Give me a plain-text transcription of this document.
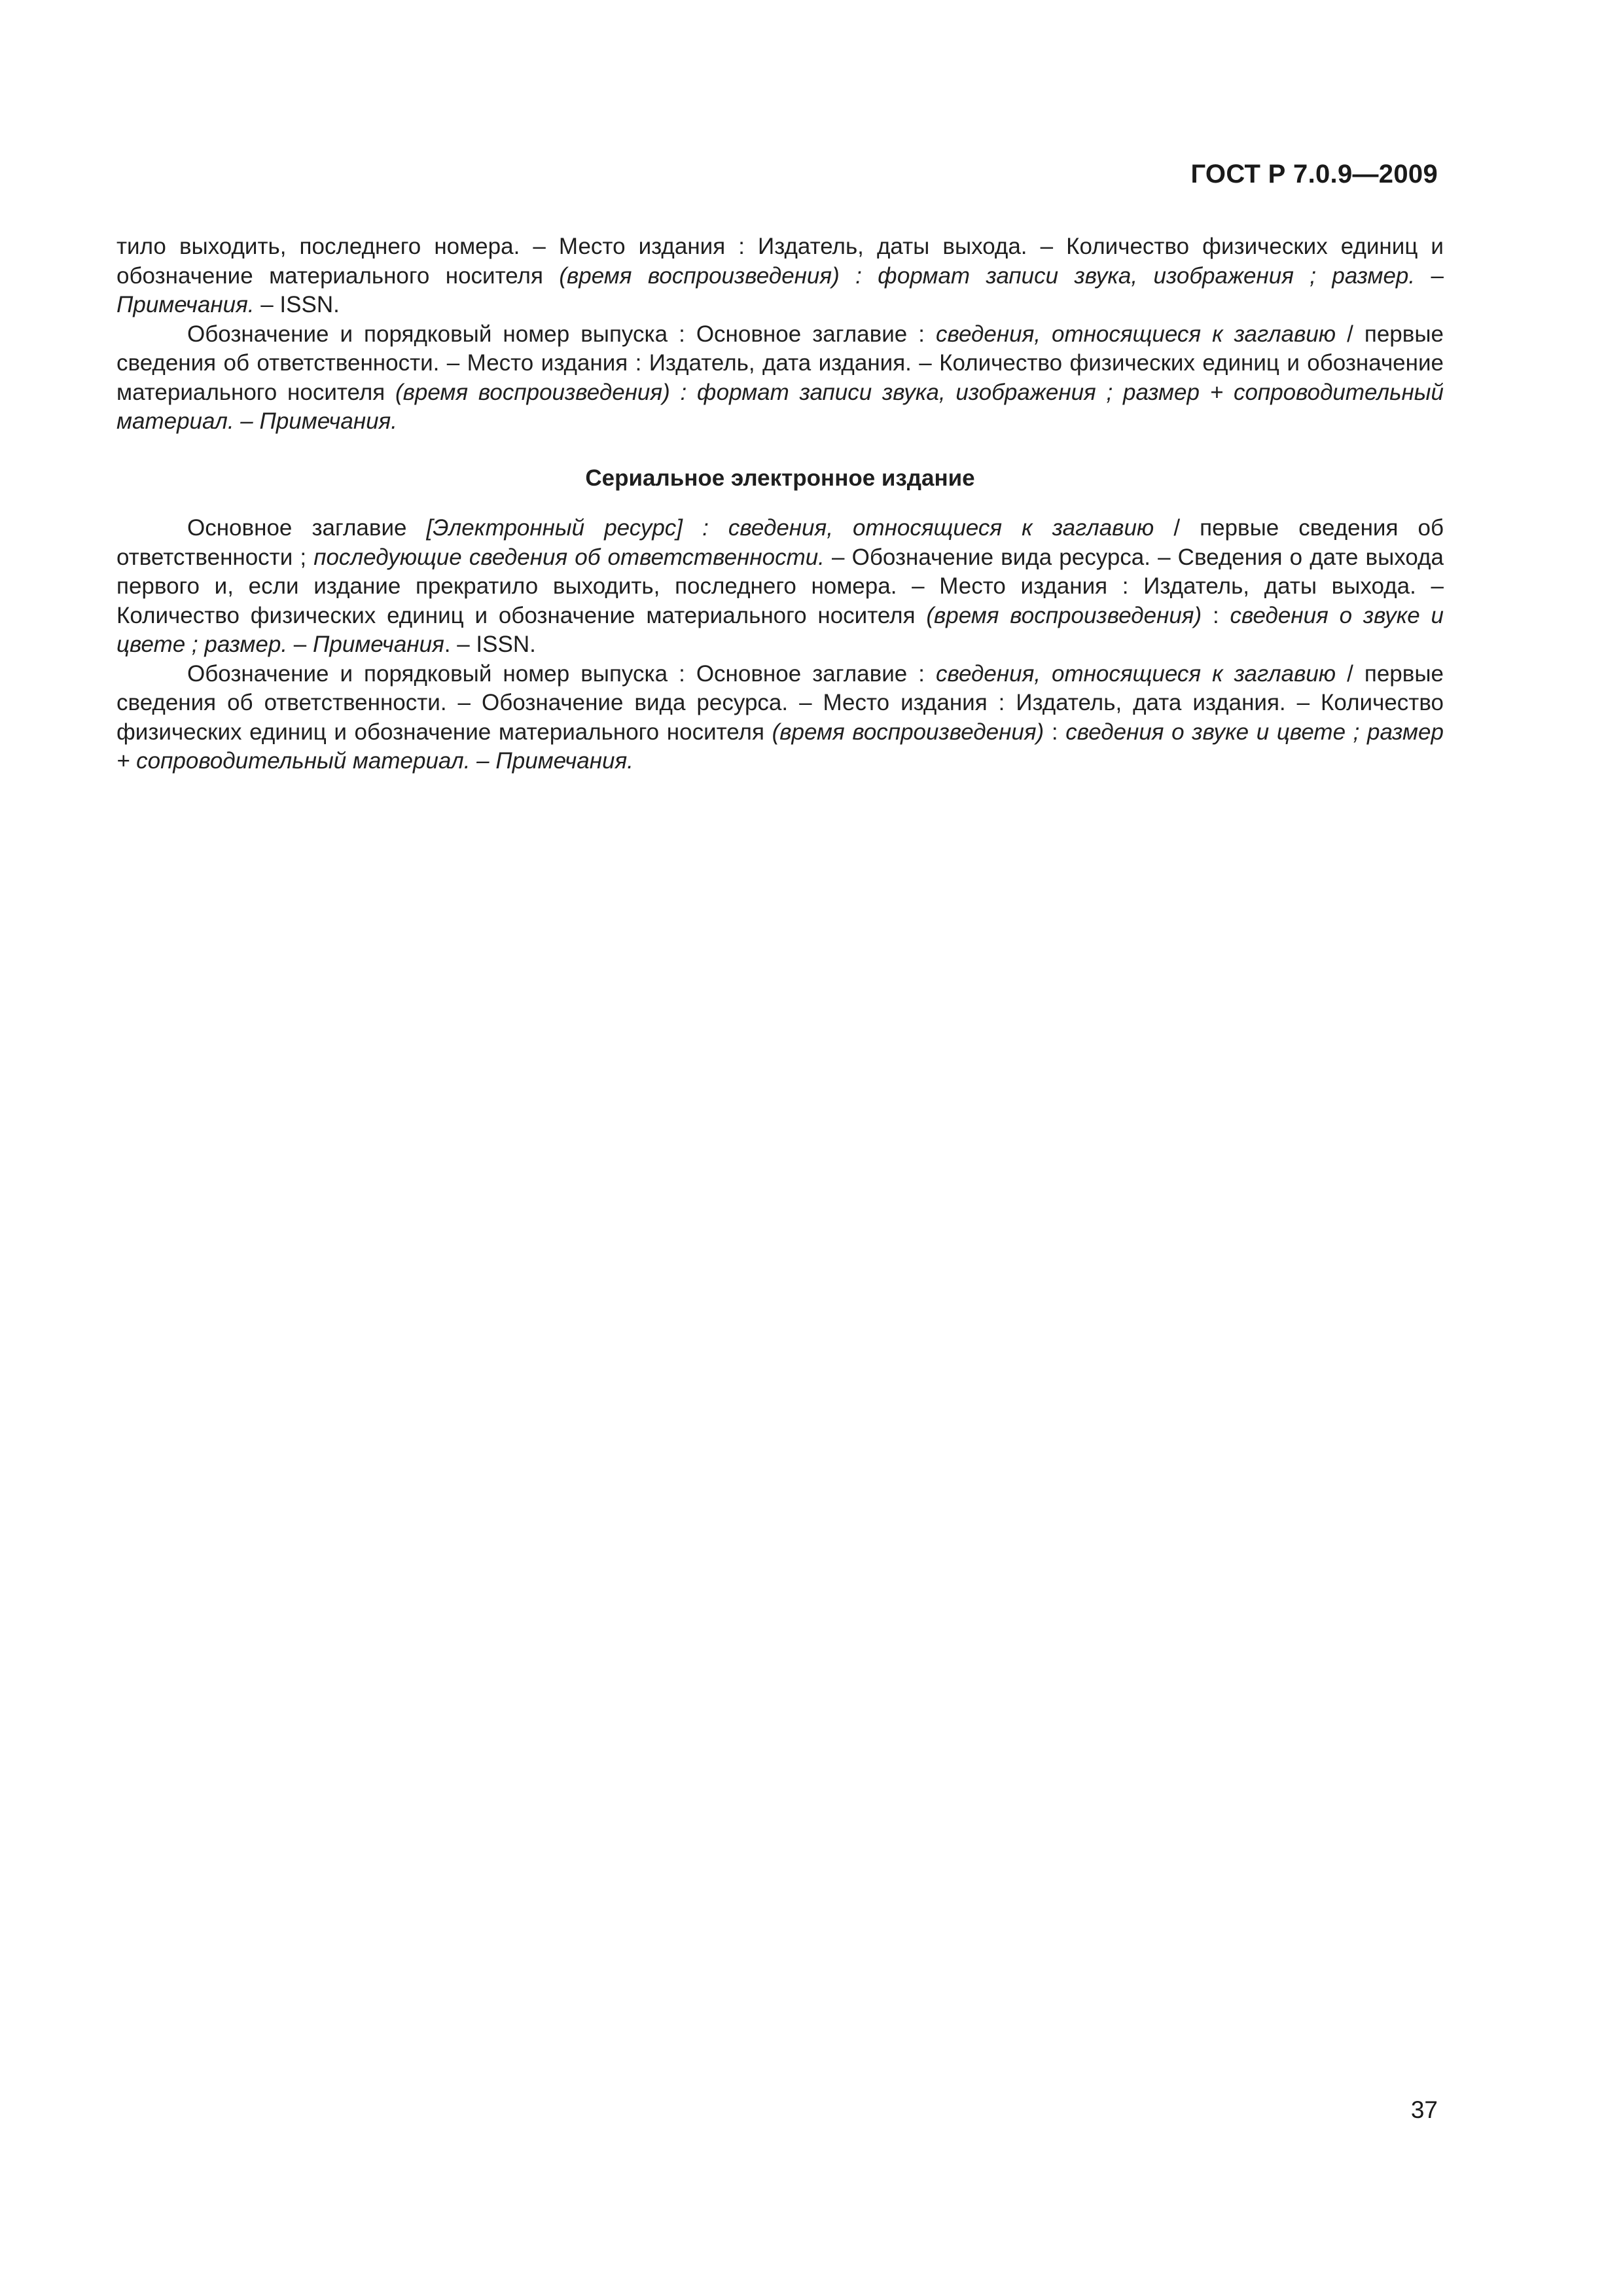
ГОСТ Р 7.0.9—2009

тило выходить, последнего номера. – Место издания : Издатель, даты выхода. – Количество физических единиц и обозначение материального носителя (время воспроизведения) : формат записи звука, изображения ; размер. – Примечания. – ISSN.

Обозначение и порядковый номер выпуска : Основное заглавие : сведения, относящиеся к заглавию / первые сведения об ответственности. – Место издания : Издатель, дата издания. – Количество физических единиц и обозначение материального носителя (время воспроизведения) : формат записи звука, изображения ; размер + сопроводительный материал. – Примечания.

Сериальное электронное издание

Основное заглавие [Электронный ресурс] : сведения, относящиеся к заглавию / первые сведения об ответственности ; последующие сведения об ответственности. – Обозначение вида ресурса. – Сведения о дате выхода первого и, если издание прекратило выходить, последнего номера. – Место издания : Издатель, даты выхода. – Количество физических единиц и обозначение материального носителя (время воспроизведения) : сведения о звуке и цвете ; размер. – Примечания. – ISSN.

Обозначение и порядковый номер выпуска : Основное заглавие : сведения, относящиеся к заглавию / первые сведения об ответственности. – Обозначение вида ресурса. – Место издания : Издатель, дата издания. – Количество физических единиц и обозначение материального носителя (время воспроизведения) : сведения о звуке и цвете ; размер + сопроводительный материал. – Примечания.

37
